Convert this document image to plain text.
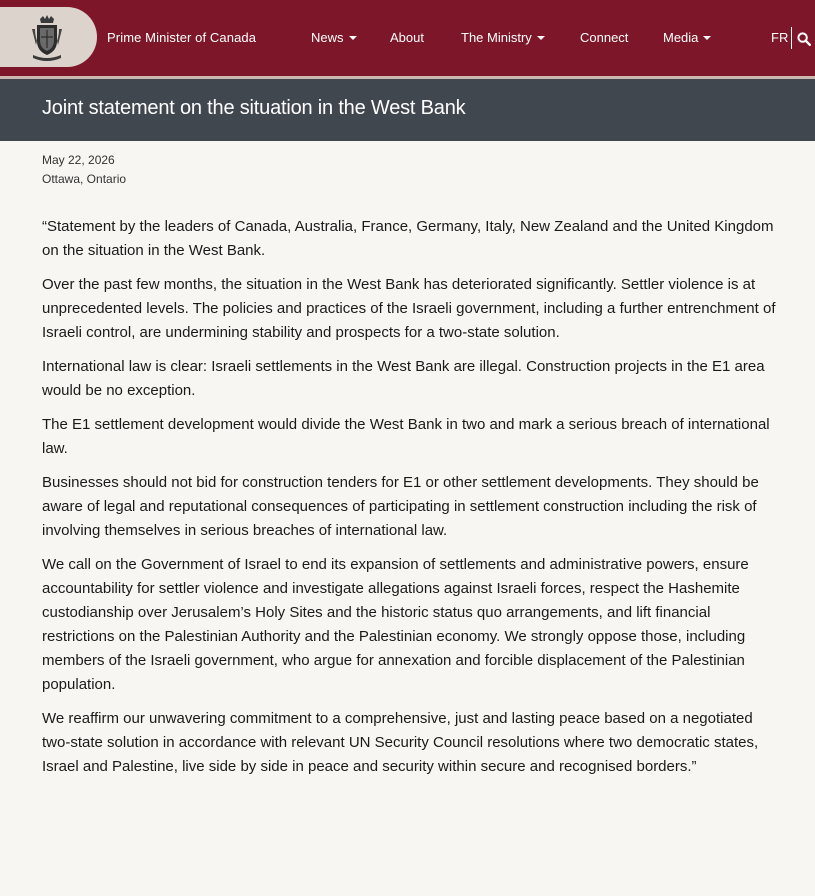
Prime Minister of Canada	News	About	The Ministry	Connect	Media	FR
Joint statement on the situation in the West Bank
May 22, 2026
Ottawa, Ontario

“Statement by the leaders of Canada, Australia, France, Germany, Italy, New Zealand and the United Kingdom on the situation in the West Bank.

Over the past few months, the situation in the West Bank has deteriorated significantly. Settler violence is at unprecedented levels. The policies and practices of the Israeli government, including a further entrenchment of Israeli control, are undermining stability and prospects for a two-state solution.

International law is clear: Israeli settlements in the West Bank are illegal. Construction projects in the E1 area would be no exception.

The E1 settlement development would divide the West Bank in two and mark a serious breach of international law.

Businesses should not bid for construction tenders for E1 or other settlement developments. They should be aware of legal and reputational consequences of participating in settlement construction including the risk of involving themselves in serious breaches of international law.

We call on the Government of Israel to end its expansion of settlements and administrative powers, ensure accountability for settler violence and investigate allegations against Israeli forces, respect the Hashemite custodianship over Jerusalem’s Holy Sites and the historic status quo arrangements, and lift financial restrictions on the Palestinian Authority and the Palestinian economy. We strongly oppose those, including members of the Israeli government, who argue for annexation and forcible displacement of the Palestinian population.

We reaffirm our unwavering commitment to a comprehensive, just and lasting peace based on a negotiated two-state solution in accordance with relevant UN Security Council resolutions where two democratic states, Israel and Palestine, live side by side in peace and security within secure and recognised borders.”
